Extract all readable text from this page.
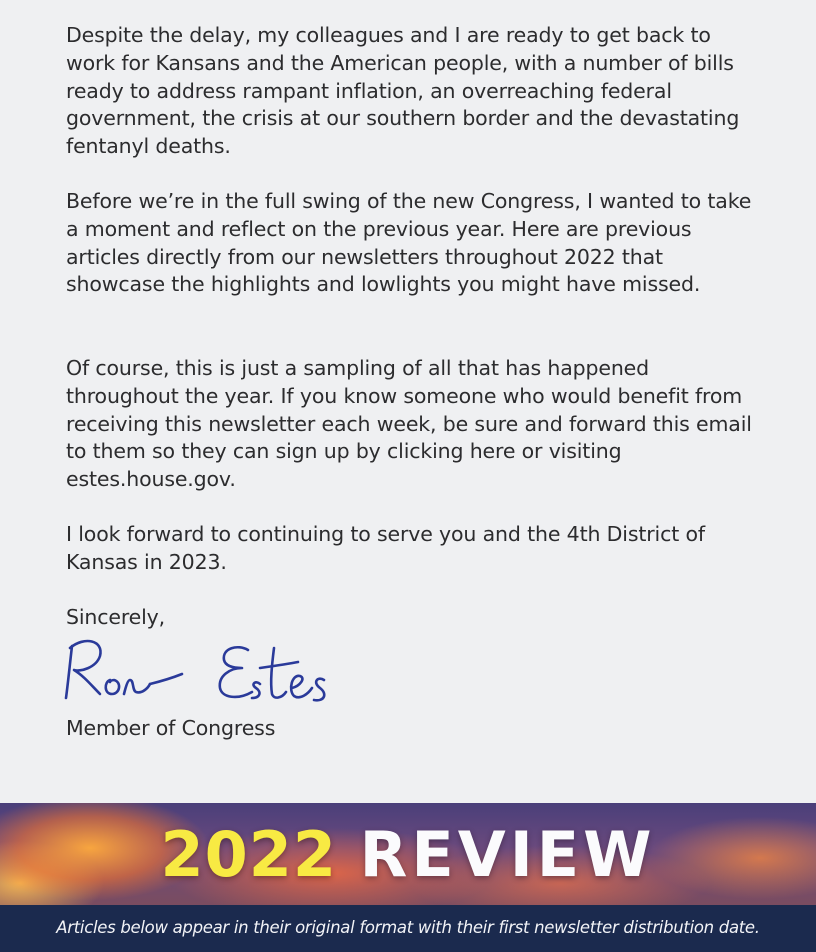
Despite the delay, my colleagues and I are ready to get back to work for Kansans and the American people, with a number of bills ready to address rampant inflation, an overreaching federal government, the crisis at our southern border and the devastating fentanyl deaths.

Before we’re in the full swing of the new Congress, I wanted to take a moment and reflect on the previous year. Here are previous articles directly from our newsletters throughout 2022 that showcase the highlights and lowlights you might have missed.

Of course, this is just a sampling of all that has happened throughout the year. If you know someone who would benefit from receiving this newsletter each week, be sure and forward this email to them so they can sign up by clicking here or visiting estes.house.gov.

I look forward to continuing to serve you and the 4th District of Kansas in 2023.

Sincerely,

Member of Congress

2022 REVIEW

Articles below appear in their original format with their first newsletter distribution date.
